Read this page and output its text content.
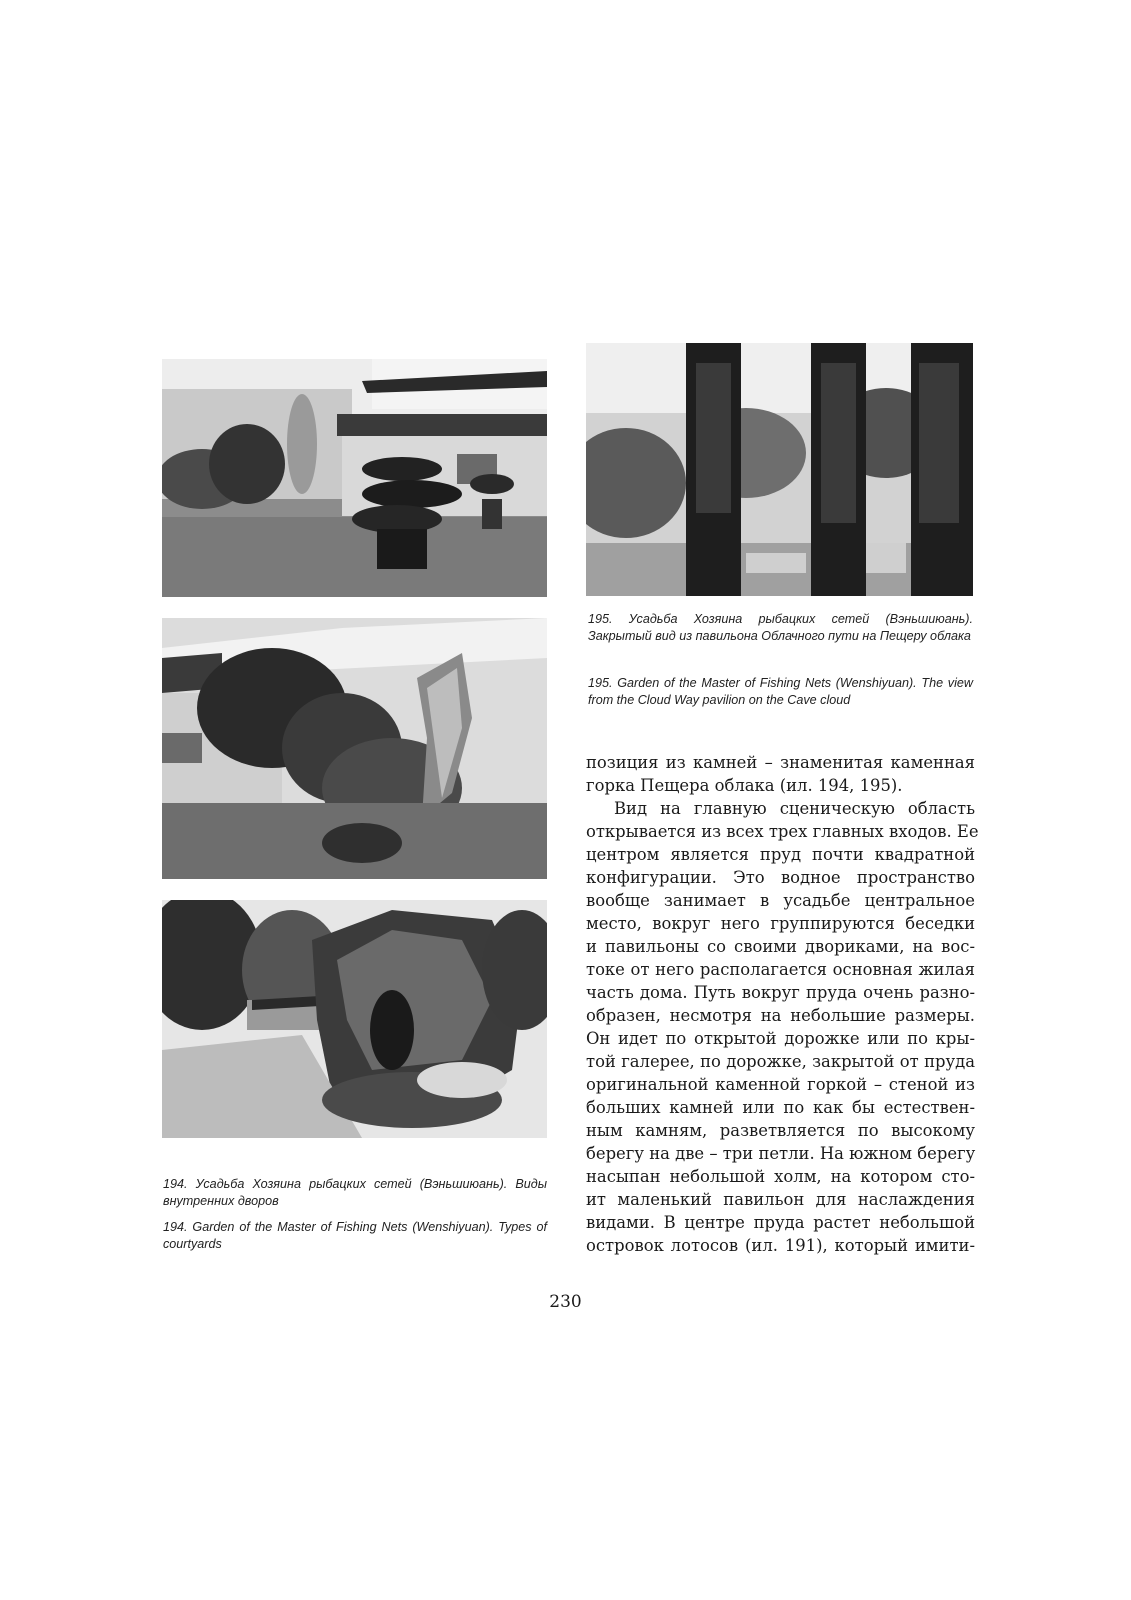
195. Усадьба Хозяина рыбацких сетей (Вэньшиюань). Закрытый вид из павильона Облачного пути на Пещеру облака
195. Garden of the Master of Fishing Nets (Wenshiyuan). The view from the Cloud Way pavilion on the Cave cloud
194. Усадьба Хозяина рыбацких сетей (Вэньшиюань). Виды внутренних дворов
194. Garden of the Master of Fishing Nets (Wenshiyuan). Types of courtyards
позиция из камней – знаменитая каменная
горка Пещера облака (ил. 194, 195).
Вид на главную сценическую область
открывается из всех трех главных входов. Ее
центром является пруд почти квадратной
конфигурации. Это водное пространство
вообще занимает в усадьбе центральное
место, вокруг него группируются беседки
и павильоны со своими двориками, на вос-
токе от него располагается основная жилая
часть дома. Путь вокруг пруда очень разно-
образен, несмотря на небольшие размеры.
Он идет по открытой дорожке или по кры-
той галерее, по дорожке, закрытой от пруда
оригинальной каменной горкой – стеной из
больших камней или по как бы естествен-
ным камням, разветвляется по высокому
берегу на две – три петли. На южном берегу
насыпан небольшой холм, на котором сто-
ит маленький павильон для наслаждения
видами. В центре пруда растет небольшой
островок лотосов (ил. 191), который имити-
230
